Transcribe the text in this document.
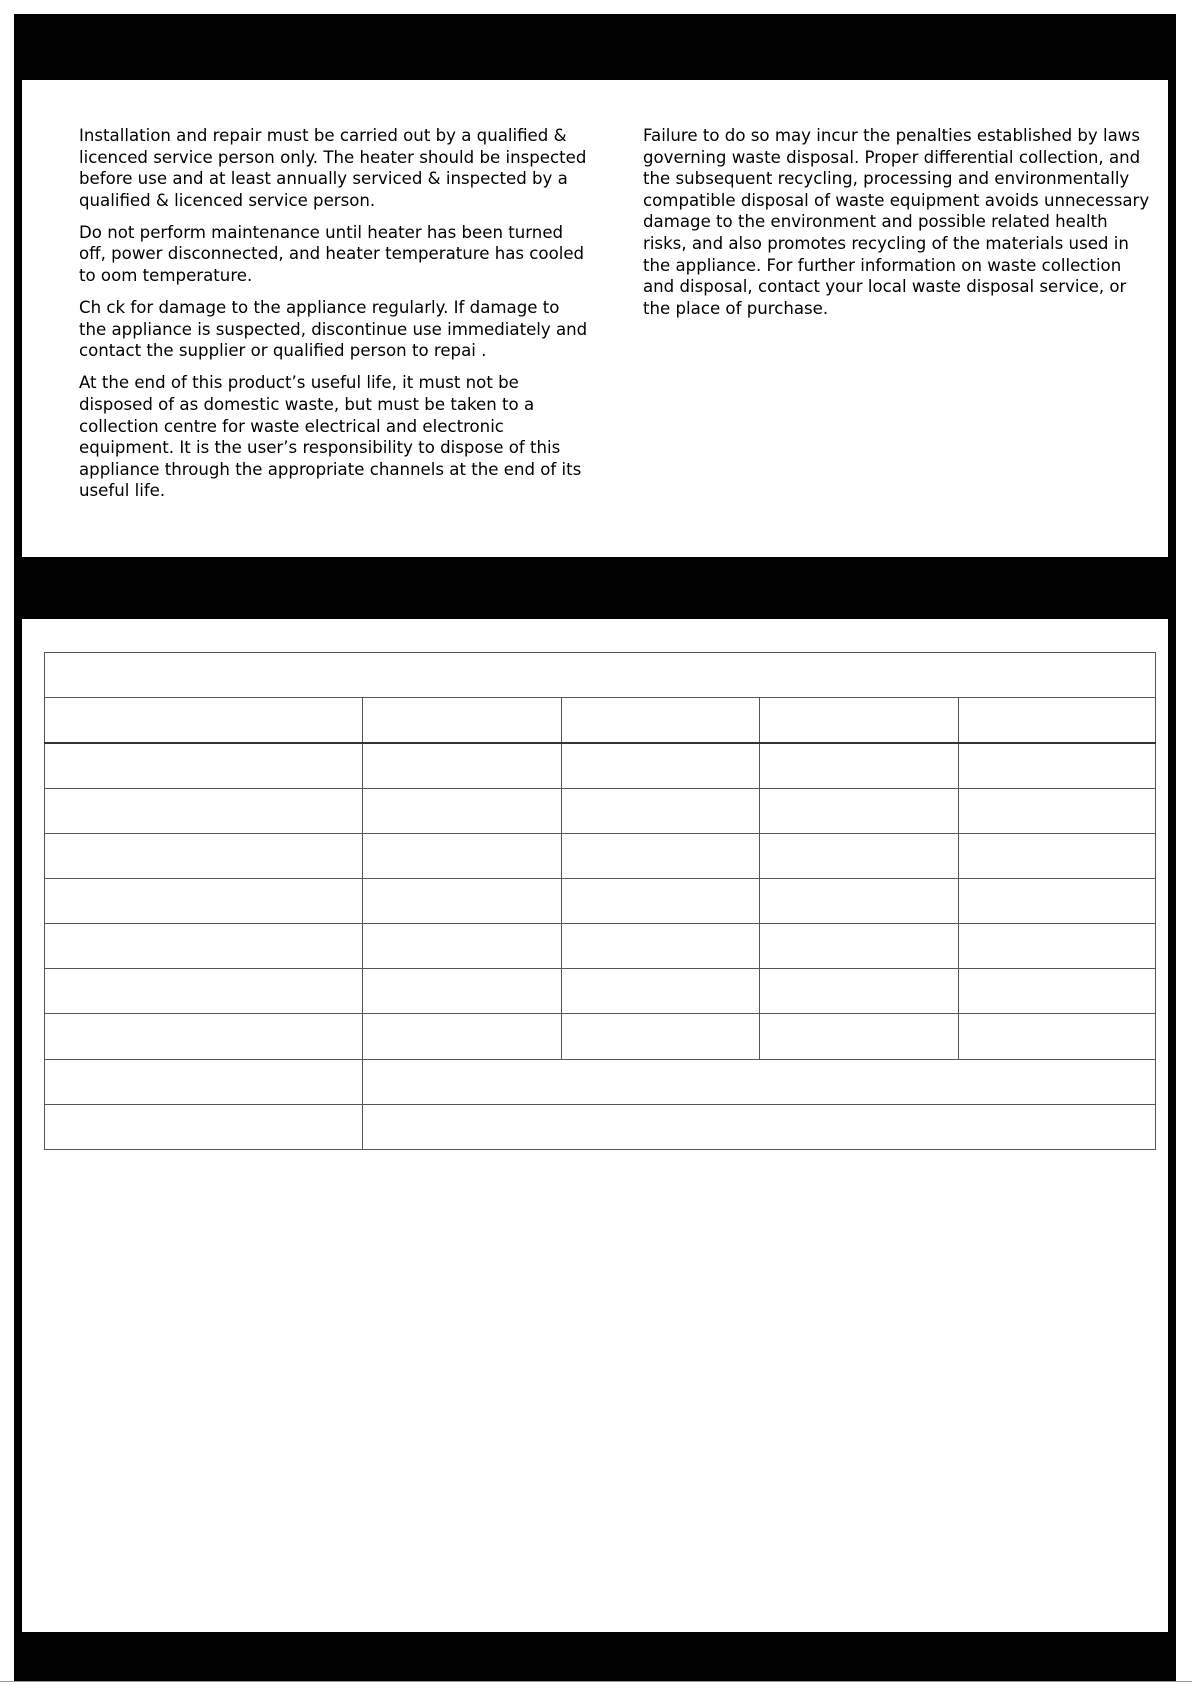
Installation and repair must be carried out by a qualified & licenced service person only. The heater should be inspected before use and at least annually serviced & inspected by a qualified & licenced service person.

Do not perform maintenance until heater has been turned off, power disconnected, and heater temperature has cooled to oom temperature.

Ch ck for damage to the appliance regularly. If damage to the appliance is suspected, discontinue use immediately and contact the supplier or qualified person to repai .

At the end of this product’s useful life, it must not be disposed of as domestic waste, but must be taken to a collection centre for waste electrical and electronic equipment. It is the user’s responsibility to dispose of this appliance through the appropriate channels at the end of its useful life.

Failure to do so may incur the penalties established by laws governing waste disposal. Proper differential collection, and the subsequent recycling, processing and environmentally compatible disposal of waste equipment avoids unnecessary damage to the environment and possible related health risks, and also promotes recycling of the materials used in the appliance. For further information on waste collection and disposal, contact your local waste disposal service, or the place of purchase.
